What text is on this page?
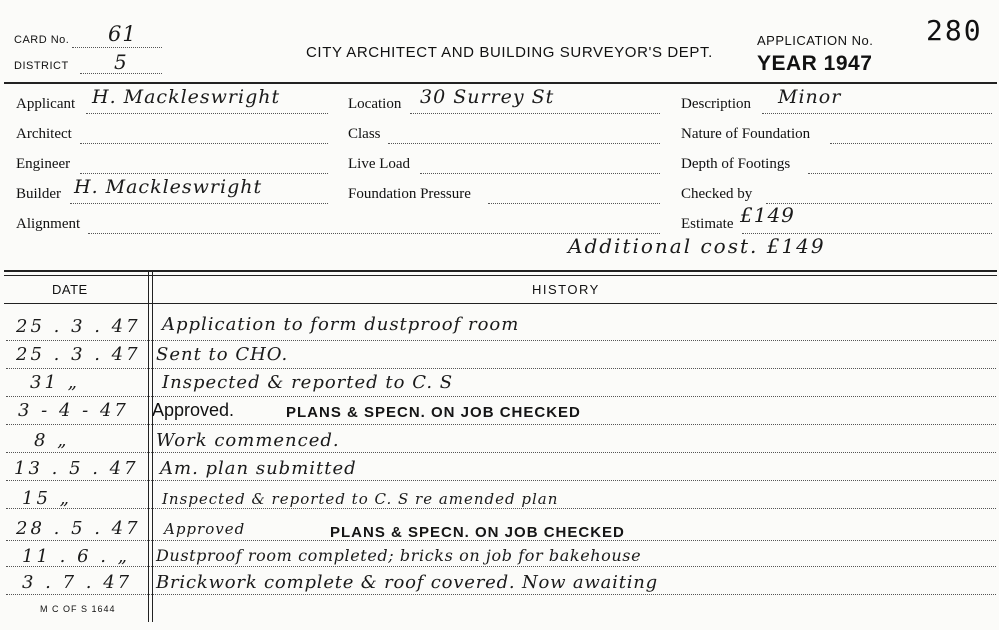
CARD No. 61
DISTRICT 5	CITY ARCHITECT AND BUILDING SURVEYOR'S DEPT.
APPLICATION No. 280
YEAR 1947
Applicant H. Mackleswright	Location 30 Surrey St	Description Minor
Architect	Class	Nature of Foundation
Engineer	Live Load	Depth of Footings
Builder H. Mackleswright	Foundation Pressure	Checked by
Alignment	Estimate £149
Additional cost. £149
DATE	HISTORY
25 . 3 . 47 Application to form dustproof room
25 . 3 . 47 Sent to CHO.
31 „	Inspected & reported to C. S
3 - 4 - 47 Approved.	PLANS & SPECN. ON JOB CHECKED
8 „	Work commenced.
13 . 5 . 47 Am. plan submitted
15 „	Inspected & reported to C. S re amended plan
28 . 5 . 47 Approved	PLANS & SPECN. ON JOB CHECKED
11 . 6 . „ Dustproof room completed; bricks on job for bakehouse
3 . 7 . 47 Brickwork complete & roof covered. Now awaiting
M C OF S 1644
